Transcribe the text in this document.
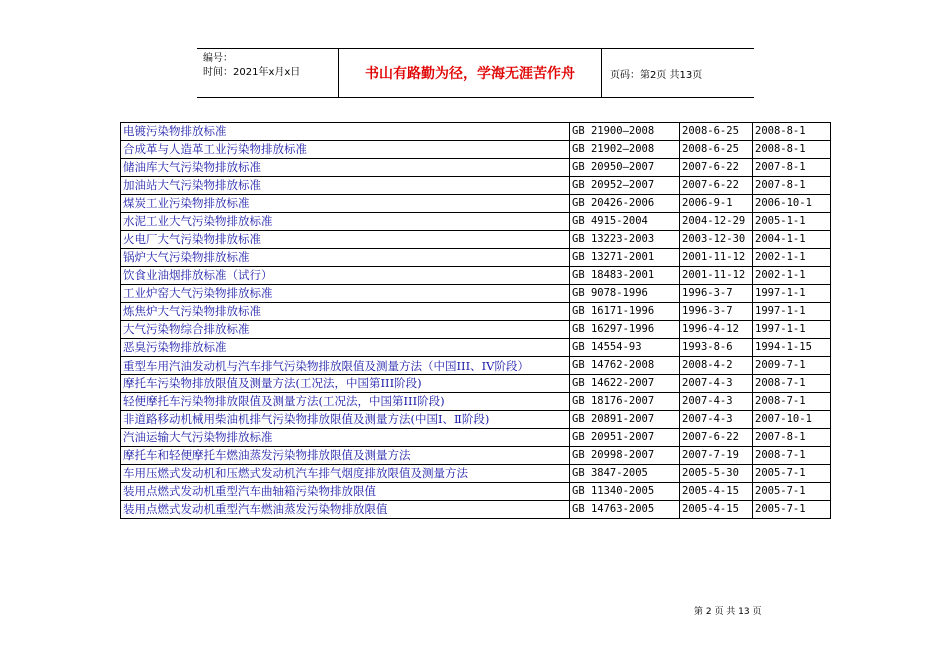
编号：
时间：2021年x月x日	书山有路勤为径，学海无涯苦作舟	页码：第2页 共13页
电镀污染物排放标准	GB 21900—2008	2008-6-25	2008-8-1
合成革与人造革工业污染物排放标准	GB 21902—2008	2008-6-25	2008-8-1
储油库大气污染物排放标准	GB 20950—2007	2007-6-22	2007-8-1
加油站大气污染物排放标准	GB 20952—2007	2007-6-22	2007-8-1
煤炭工业污染物排放标准	GB 20426-2006	2006-9-1	2006-10-1
水泥工业大气污染物排放标准	GB 4915-2004	2004-12-29	2005-1-1
火电厂大气污染物排放标准	GB 13223-2003	2003-12-30	2004-1-1
锅炉大气污染物排放标准	GB 13271-2001	2001-11-12	2002-1-1
饮食业油烟排放标准（试行）	GB 18483-2001	2001-11-12	2002-1-1
工业炉窑大气污染物排放标准	GB 9078-1996	1996-3-7	1997-1-1
炼焦炉大气污染物排放标准	GB 16171-1996	1996-3-7	1997-1-1
大气污染物综合排放标准	GB 16297-1996	1996-4-12	1997-1-1
恶臭污染物排放标准	GB 14554-93	1993-8-6	1994-1-15
重型车用汽油发动机与汽车排气污染物排放限值及测量方法（中国III、IV阶段）	GB 14762-2008	2008-4-2	2009-7-1
摩托车污染物排放限值及测量方法(工况法，中国第III阶段)	GB 14622-2007	2007-4-3	2008-7-1
轻便摩托车污染物排放限值及测量方法(工况法，中国第III阶段)	GB 18176-2007	2007-4-3	2008-7-1
非道路移动机械用柴油机排气污染物排放限值及测量方法(中国Ⅰ、Ⅱ阶段)	GB 20891-2007	2007-4-3	2007-10-1
汽油运输大气污染物排放标准	GB 20951-2007	2007-6-22	2007-8-1
摩托车和轻便摩托车燃油蒸发污染物排放限值及测量方法	GB 20998-2007	2007-7-19	2008-7-1
车用压燃式发动机和压燃式发动机汽车排气烟度排放限值及测量方法	GB 3847-2005	2005-5-30	2005-7-1
装用点燃式发动机重型汽车曲轴箱污染物排放限值	GB 11340-2005	2005-4-15	2005-7-1
装用点燃式发动机重型汽车燃油蒸发污染物排放限值	GB 14763-2005	2005-4-15	2005-7-1
第 2 页 共 13 页
